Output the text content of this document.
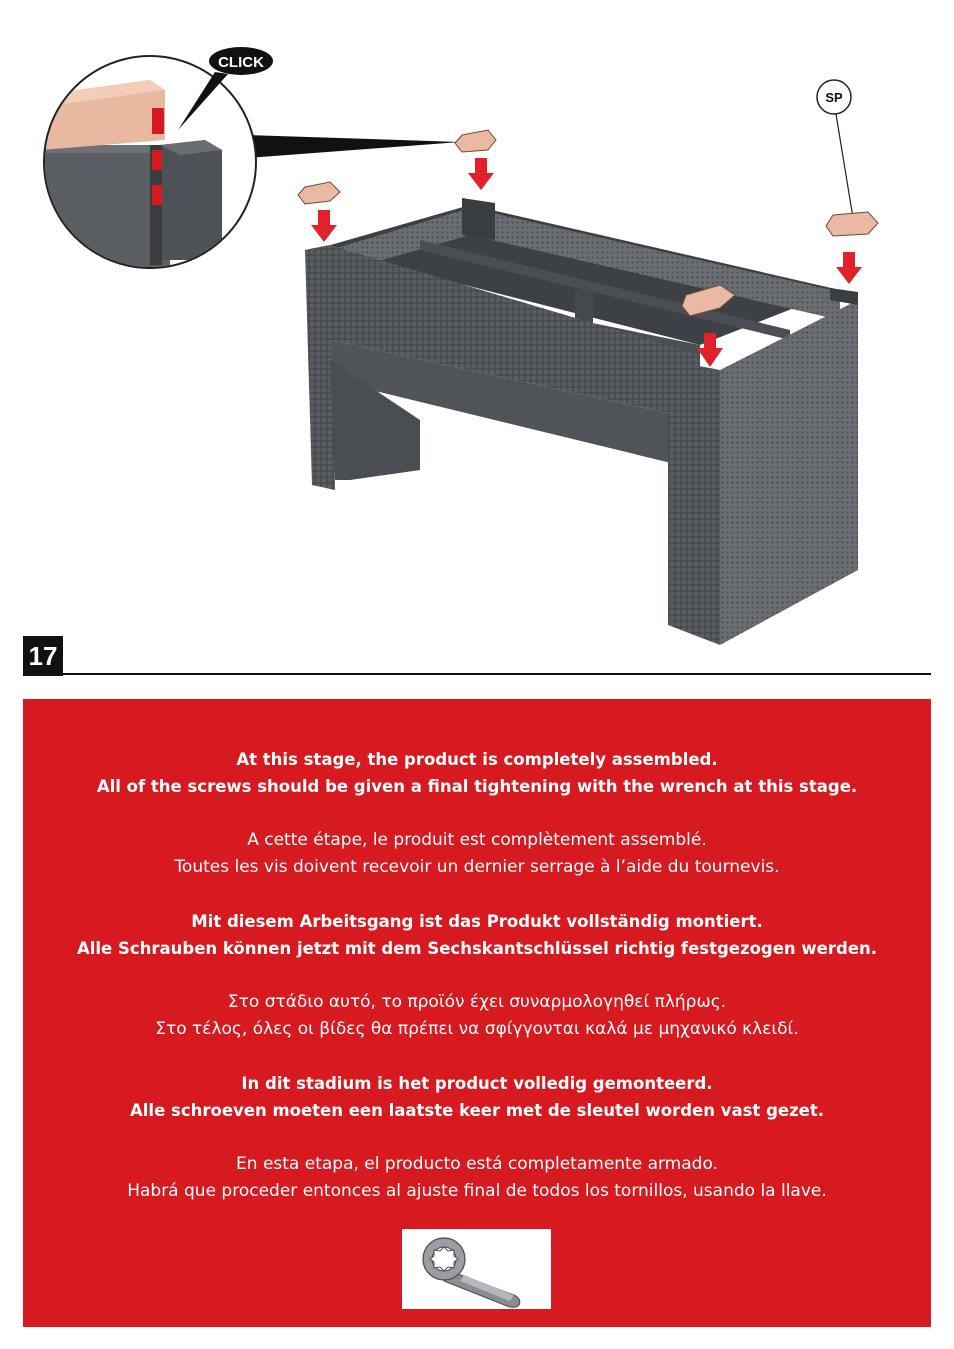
CLICK
SP
17
At this stage, the product is completely assembled.
All of the screws should be given a final tightening with the wrench at this stage.
A cette étape, le produit est complètement assemblé.
Toutes les vis doivent recevoir un dernier serrage à l’aide du tournevis.
Mit diesem Arbeitsgang ist das Produkt vollständig montiert.
Alle Schrauben können jetzt mit dem Sechskantschlüssel richtig festgezogen werden.
Στο στάδιο αυτό, το προϊόν έχει συναρμολογηθεί πλήρως.
Στο τέλος, όλες οι βίδες θα πρέπει να σφίγγονται καλά με μηχανικό κλειδί.
In dit stadium is het product volledig gemonteerd.
Alle schroeven moeten een laatste keer met de sleutel worden vast gezet.
En esta etapa, el producto está completamente armado.
Habrá que proceder entonces al ajuste final de todos los tornillos, usando la llave.
